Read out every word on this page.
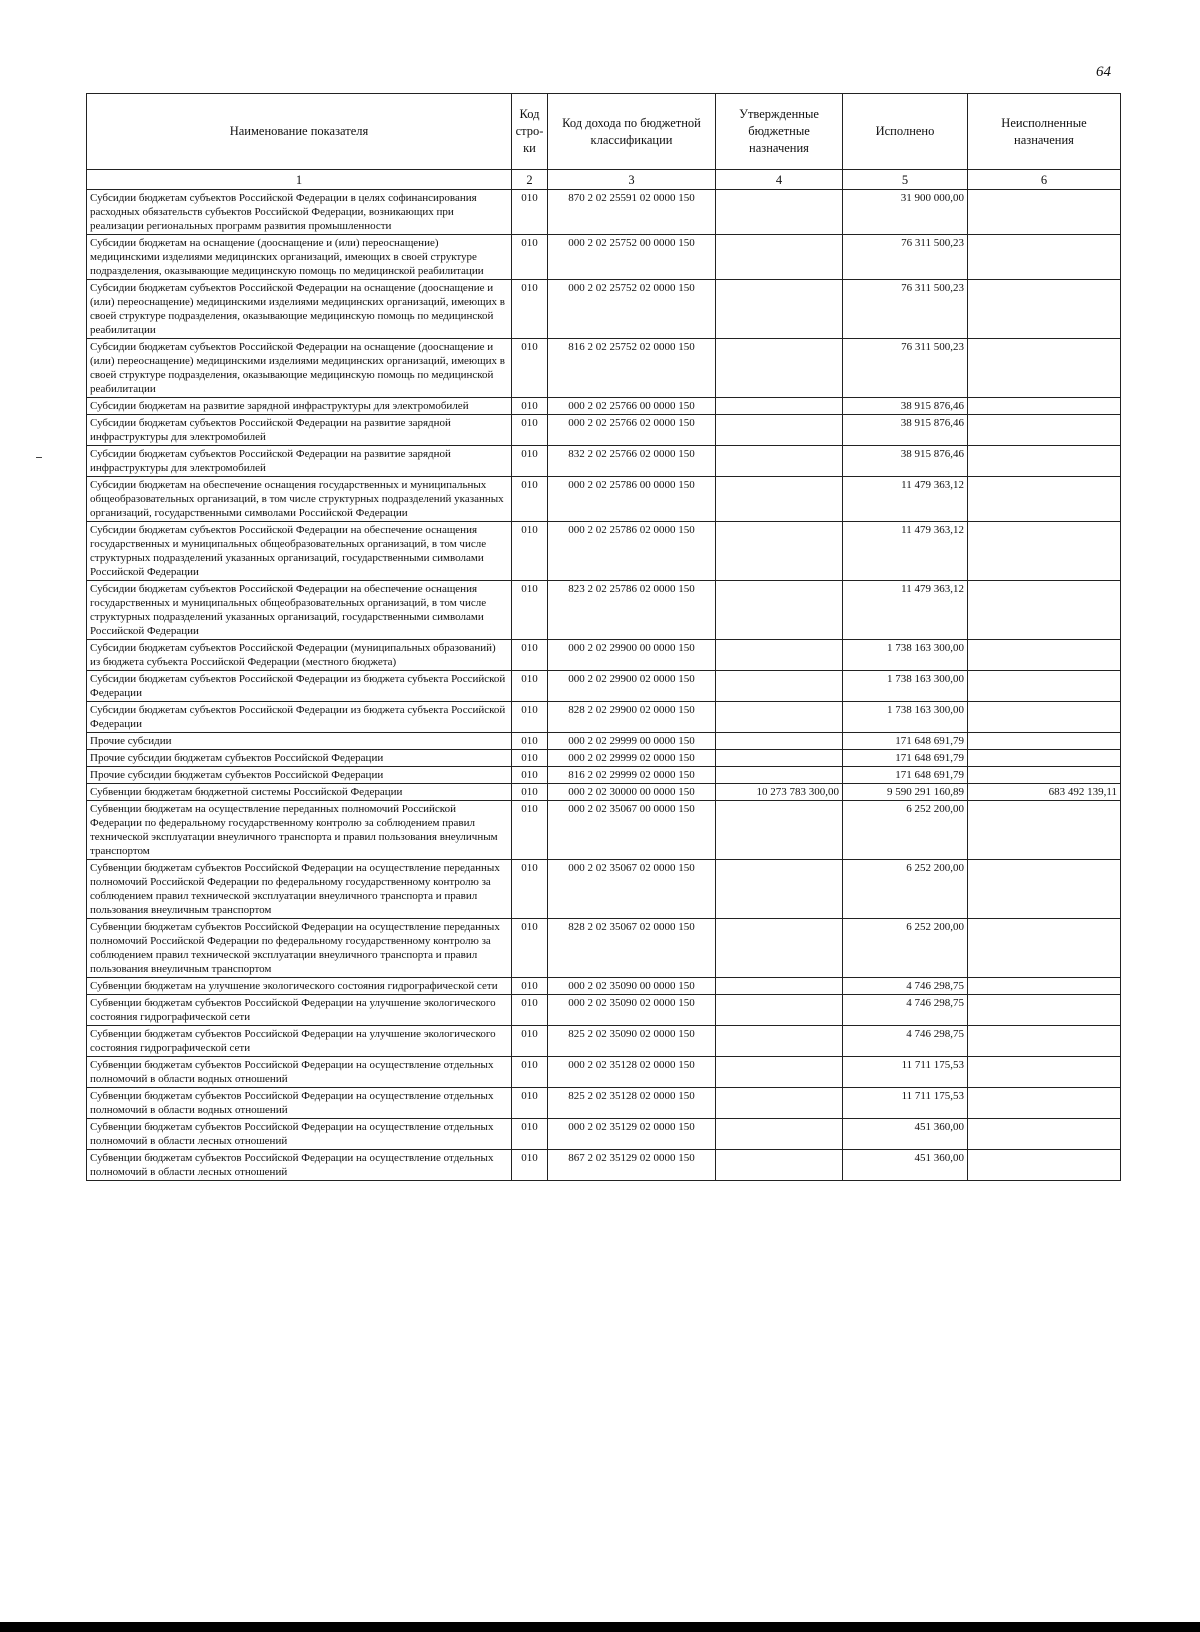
64
Наименование показателя	Код стро- ки	Код дохода по бюджетной классификации	Утвержденные бюджетные назначения	Исполнено	Неисполненные назначения
1	2	3	4	5	6
Субсидии бюджетам субъектов Российской Федерации в целях софинансирования расходных обязательств субъектов Российской Федерации, возникающих при реализации региональных программ развития промышленности	010	870 2 02 25591 02 0000 150		31 900 000,00	
Субсидии бюджетам на оснащение (дооснащение и (или) переоснащение) медицинскими изделиями медицинских организаций, имеющих в своей структуре подразделения, оказывающие медицинскую помощь по медицинской реабилитации	010	000 2 02 25752 00 0000 150		76 311 500,23	
Субсидии бюджетам субъектов Российской Федерации на оснащение (дооснащение и (или) переоснащение) медицинскими изделиями медицинских организаций, имеющих в своей структуре подразделения, оказывающие медицинскую помощь по медицинской реабилитации	010	000 2 02 25752 02 0000 150		76 311 500,23	
Субсидии бюджетам субъектов Российской Федерации на оснащение (дооснащение и (или) переоснащение) медицинскими изделиями медицинских организаций, имеющих в своей структуре подразделения, оказывающие медицинскую помощь по медицинской реабилитации	010	816 2 02 25752 02 0000 150		76 311 500,23	
Субсидии бюджетам на развитие зарядной инфраструктуры для электромобилей	010	000 2 02 25766 00 0000 150		38 915 876,46	
Субсидии бюджетам субъектов Российской Федерации на развитие зарядной инфраструктуры для электромобилей	010	000 2 02 25766 02 0000 150		38 915 876,46	
Субсидии бюджетам субъектов Российской Федерации на развитие зарядной инфраструктуры для электромобилей	010	832 2 02 25766 02 0000 150		38 915 876,46	
Субсидии бюджетам на обеспечение оснащения государственных и муниципальных общеобразовательных организаций, в том числе структурных подразделений указанных организаций, государственными символами Российской Федерации	010	000 2 02 25786 00 0000 150		11 479 363,12	
Субсидии бюджетам субъектов Российской Федерации на обеспечение оснащения государственных и муниципальных общеобразовательных организаций, в том числе структурных подразделений указанных организаций, государственными символами Российской Федерации	010	000 2 02 25786 02 0000 150		11 479 363,12	
Субсидии бюджетам субъектов Российской Федерации на обеспечение оснащения государственных и муниципальных общеобразовательных организаций, в том числе структурных подразделений указанных организаций, государственными символами Российской Федерации	010	823 2 02 25786 02 0000 150		11 479 363,12	
Субсидии бюджетам субъектов Российской Федерации (муниципальных образований) из бюджета субъекта Российской Федерации (местного бюджета)	010	000 2 02 29900 00 0000 150		1 738 163 300,00	
Субсидии бюджетам субъектов Российской Федерации из бюджета субъекта Российской Федерации	010	000 2 02 29900 02 0000 150		1 738 163 300,00	
Субсидии бюджетам субъектов Российской Федерации из бюджета субъекта Российской Федерации	010	828 2 02 29900 02 0000 150		1 738 163 300,00	
Прочие субсидии	010	000 2 02 29999 00 0000 150		171 648 691,79	
Прочие субсидии бюджетам субъектов Российской Федерации	010	000 2 02 29999 02 0000 150		171 648 691,79	
Прочие субсидии бюджетам субъектов Российской Федерации	010	816 2 02 29999 02 0000 150		171 648 691,79	
Субвенции бюджетам бюджетной системы Российской Федерации	010	000 2 02 30000 00 0000 150	10 273 783 300,00	9 590 291 160,89	683 492 139,11
Субвенции бюджетам на осуществление переданных полномочий Российской Федерации по федеральному государственному контролю за соблюдением правил технической эксплуатации внеуличного транспорта и правил пользования внеуличным транспортом	010	000 2 02 35067 00 0000 150		6 252 200,00	
Субвенции бюджетам субъектов Российской Федерации на осуществление переданных полномочий Российской Федерации по федеральному государственному контролю за соблюдением правил технической эксплуатации внеуличного транспорта и правил пользования внеуличным транспортом	010	000 2 02 35067 02 0000 150		6 252 200,00	
Субвенции бюджетам субъектов Российской Федерации на осуществление переданных полномочий Российской Федерации по федеральному государственному контролю за соблюдением правил технической эксплуатации внеуличного транспорта и правил пользования внеуличным транспортом	010	828 2 02 35067 02 0000 150		6 252 200,00	
Субвенции бюджетам на улучшение экологического состояния гидрографической сети	010	000 2 02 35090 00 0000 150		4 746 298,75	
Субвенции бюджетам субъектов Российской Федерации на улучшение экологического состояния гидрографической сети	010	000 2 02 35090 02 0000 150		4 746 298,75	
Субвенции бюджетам субъектов Российской Федерации на улучшение экологического состояния гидрографической сети	010	825 2 02 35090 02 0000 150		4 746 298,75	
Субвенции бюджетам субъектов Российской Федерации на осуществление отдельных полномочий в области водных отношений	010	000 2 02 35128 02 0000 150		11 711 175,53	
Субвенции бюджетам субъектов Российской Федерации на осуществление отдельных полномочий в области водных отношений	010	825 2 02 35128 02 0000 150		11 711 175,53	
Субвенции бюджетам субъектов Российской Федерации на осуществление отдельных полномочий в области лесных отношений	010	000 2 02 35129 02 0000 150		451 360,00	
Субвенции бюджетам субъектов Российской Федерации на осуществление отдельных полномочий в области лесных отношений	010	867 2 02 35129 02 0000 150		451 360,00	
